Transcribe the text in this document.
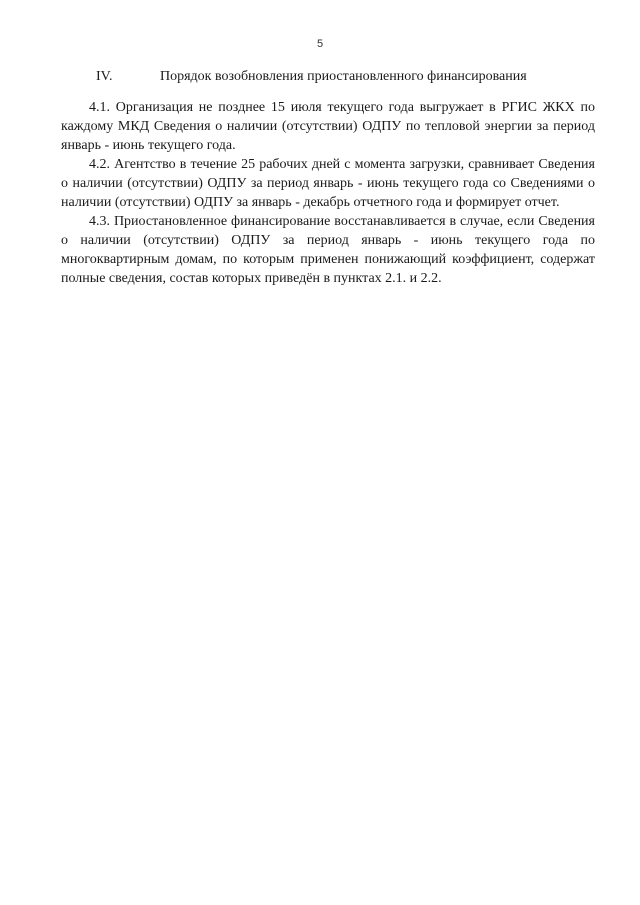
5
IV.	Порядок возобновления приостановленного финансирования

4.1. Организация не позднее 15 июля текущего года выгружает в РГИС ЖКХ по каждому МКД Сведения о наличии (отсутствии) ОДПУ по тепловой энергии за период январь - июнь текущего года.

4.2. Агентство в течение 25 рабочих дней с момента загрузки, сравнивает Сведения о наличии (отсутствии) ОДПУ за период январь - июнь текущего года со Сведениями о наличии (отсутствии) ОДПУ за январь - декабрь отчетного года и формирует отчет.

4.3. Приостановленное финансирование восстанавливается в случае, если Сведения о наличии (отсутствии) ОДПУ за период январь - июнь текущего года по многоквартирным домам, по которым применен понижающий коэффициент, содержат полные сведения, состав которых приведён в пунктах 2.1. и 2.2.
